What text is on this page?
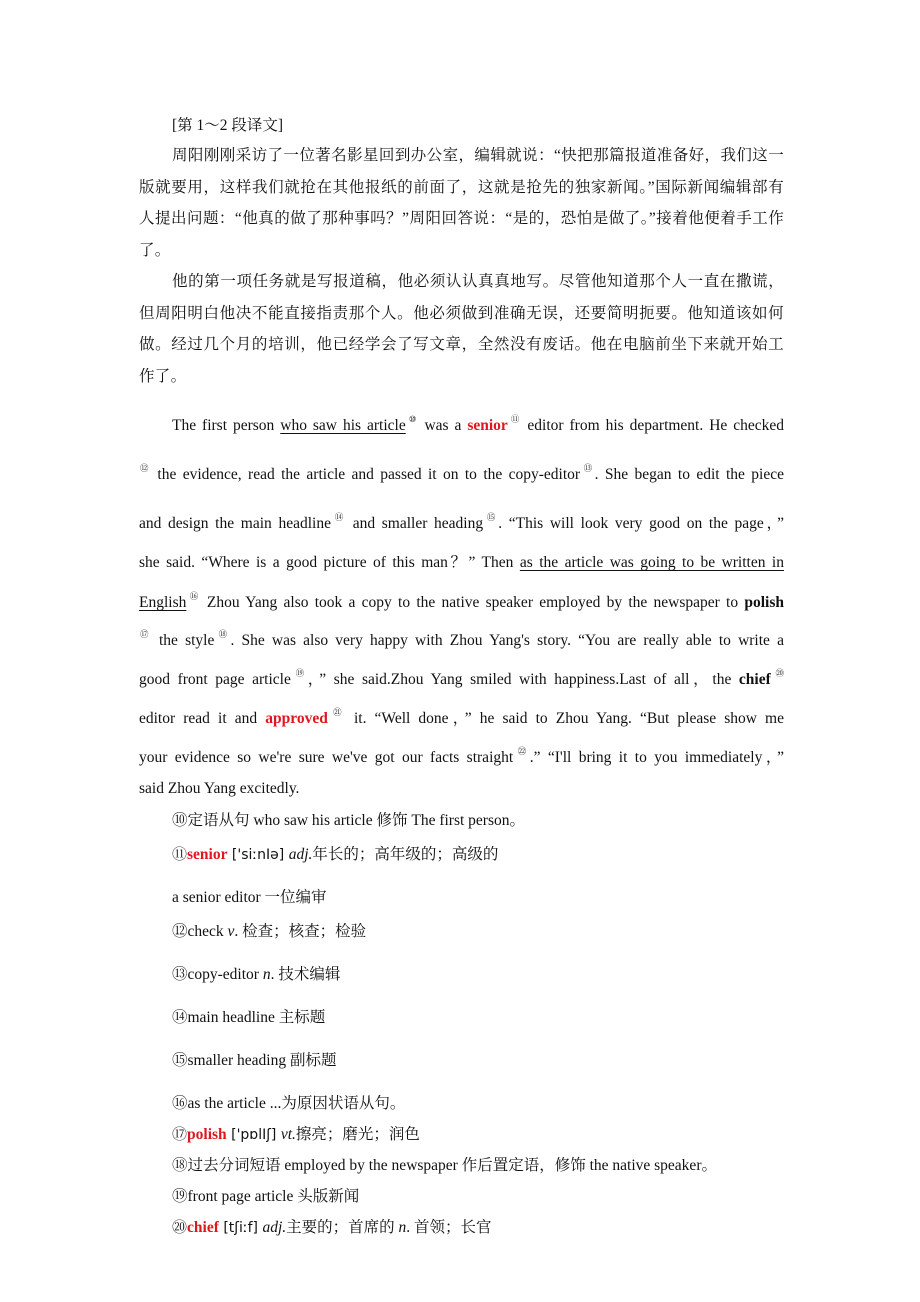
[第 1～2 段译文]

周阳刚刚采访了一位著名影星回到办公室，编辑就说：“快把那篇报道准备好，我们这一版就要用，这样我们就抢在其他报纸的前面了，这就是抢先的独家新闻。”国际新闻编辑部有人提出问题：“他真的做了那种事吗？”周阳回答说：“是的，恐怕是做了。”接着他便着手工作了。

他的第一项任务就是写报道稿，他必须认认真真地写。尽管他知道那个人一直在撒谎，但周阳明白他决不能直接指责那个人。他必须做到准确无误，还要简明扼要。他知道该如何做。经过几个月的培训，他已经学会了写文章，全然没有废话。他在电脑前坐下来就开始工作了。

The first person who saw his article⑩ was a senior⑪ editor from his department. He checked

⑫ the evidence, read the article and passed it on to the copy-editor⑬. She began to edit the piece

and design the main headline⑭ and smaller heading⑮. “This will look very good on the page，”

she said. “Where is a good picture of this man？” Then as the article was going to be written in

English⑯ Zhou Yang also took a copy to the native speaker employed by the newspaper to polish

⑰ the style⑱. She was also very happy with Zhou Yang's story. “You are really able to write a

good front page article⑲，” she said.Zhou Yang smiled with happiness.Last of all，the chief⑳

editor read it and approved$^㉑$ it. “Well done，” he said to Zhou Yang. “But please show me

your evidence so we're sure we've got our facts straight$^㉒$.” “I'll bring it to you immediately，”

said Zhou Yang excitedly.

⑩定语从句 who saw his article 修饰 The first person。

⑪senior ['siːnIə] adj.年长的；高年级的；高级的

a senior editor 一位编审

⑫check v. 检查；核查；检验

⑬copy-editor n. 技术编辑

⑭main headline 主标题

⑮smaller heading 副标题

⑯as the article ...为原因状语从句。

⑰polish ['pɒlIʃ] vt.擦亮；磨光；润色

⑱过去分词短语 employed by the newspaper 作后置定语，修饰 the native speaker。

⑲front page article 头版新闻

⑳chief [tʃiːf] adj.主要的；首席的 n. 首领；长官
